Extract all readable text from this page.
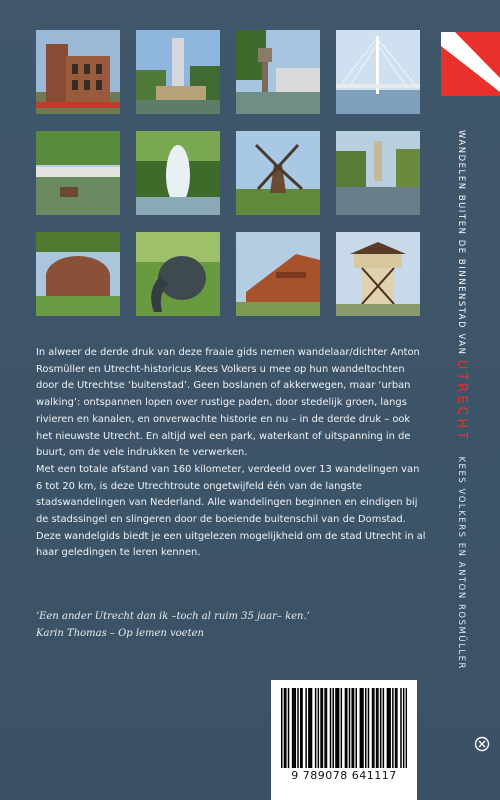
WANDELEN BUITEN DE BINNENSTAD VAN UTRECHT KEES VOLKERS EN ANTON ROSMÜLLER

In alweer de derde druk van deze fraaie gids nemen wandelaar/dichter Anton Rosmüller en Utrecht-historicus Kees Volkers u mee op hun wandeltochten door de Utrechtse ‘buitenstad’. Geen boslanen of akkerwegen, maar ‘urban walking’: ontspannen lopen over rustige paden, door stedelijk groen, langs rivieren en kanalen, en onverwachte historie en nu – in de derde druk – ook het nieuwste Utrecht. En altijd wel een park, waterkant of uitspanning in de buurt, om de vele indrukken te verwerken.

Met een totale afstand van 160 kilometer, verdeeld over 13 wandelingen van 6 tot 20 km, is deze Utrechtroute ongetwijfeld één van de langste stadswandelingen van Nederland. Alle wandelingen beginnen en eindigen bij de stadssingel en slingeren door de boeiende buitenschil van de Domstad.

Deze wandelgids biedt je een uitgelezen mogelijkheid om de stad Utrecht in al haar geledingen te leren kennen.

‘Een ander Utrecht dan ik –toch al ruim 35 jaar– ken.’
Karin Thomas – Op lemen voeten
9 789078 641117
